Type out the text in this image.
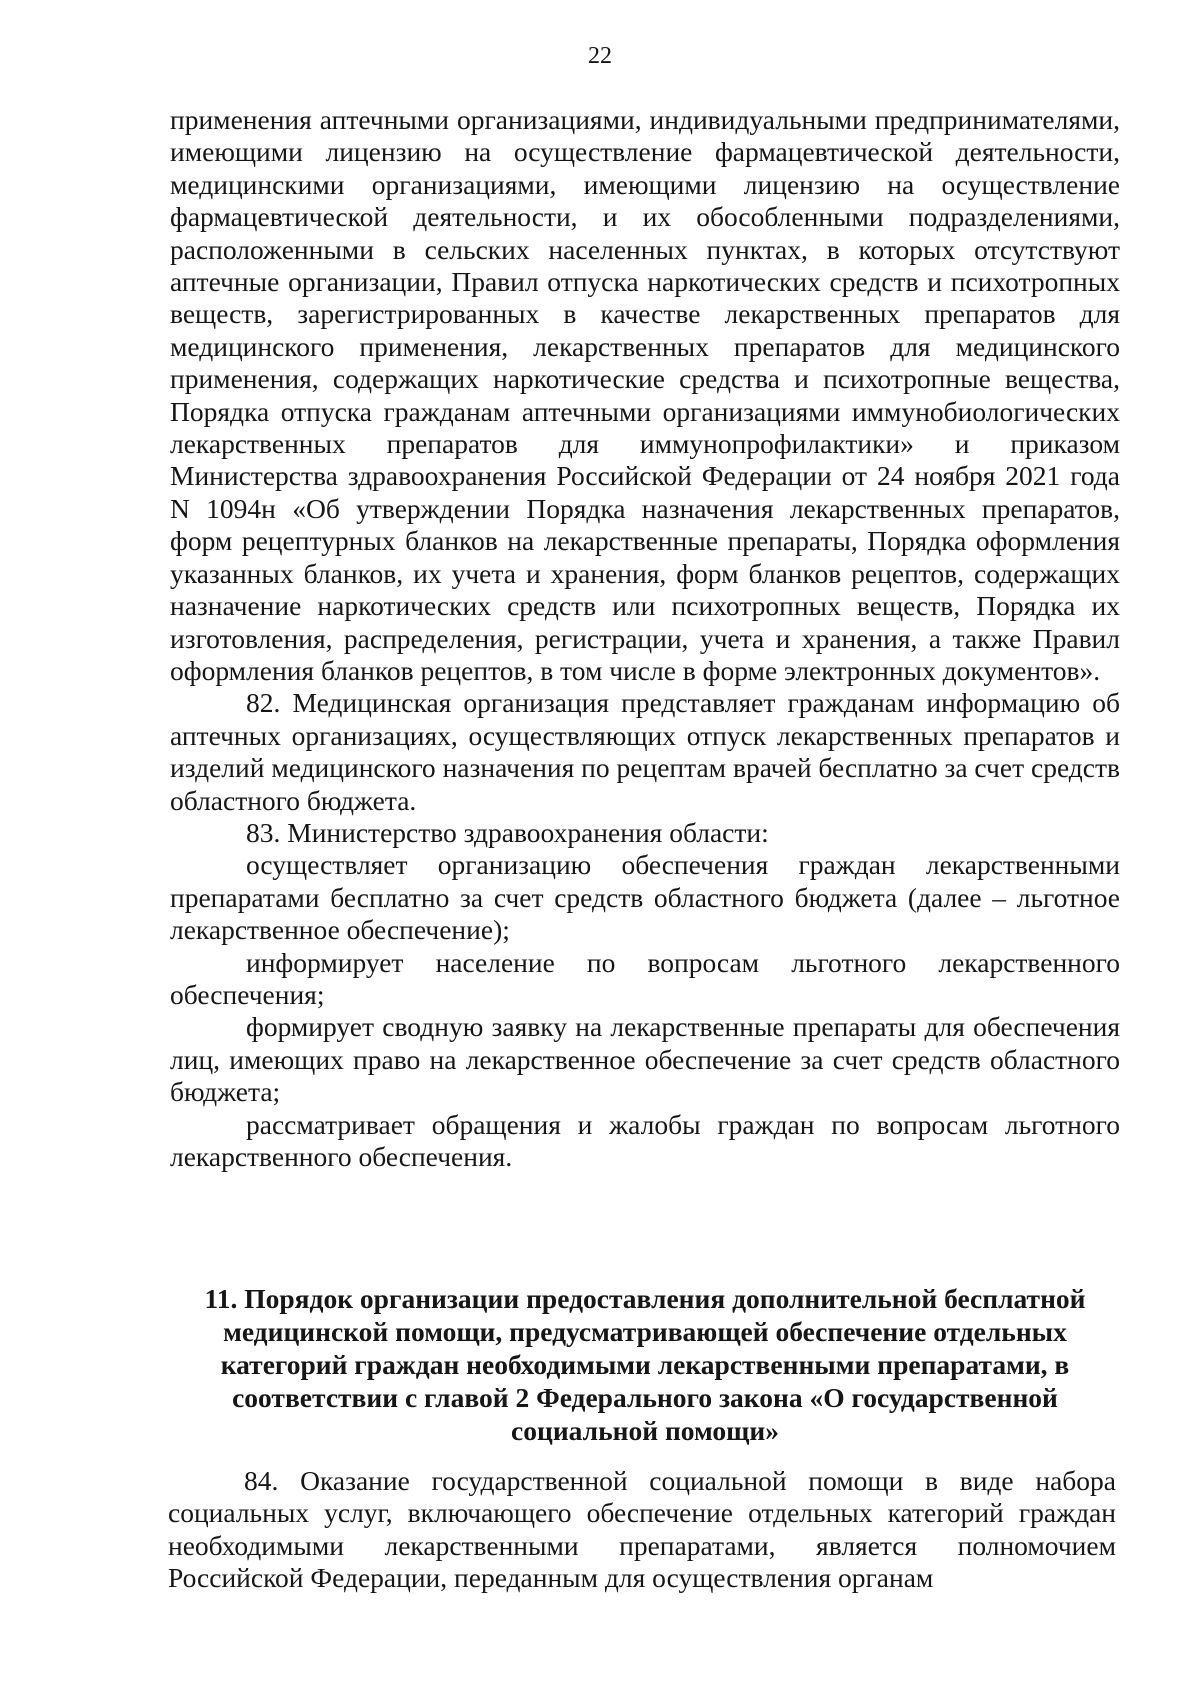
22

применения аптечными организациями, индивидуальными предпринимателями, имеющими лицензию на осуществление фармацевтической деятельности, медицинскими организациями, имеющими лицензию на осуществление фармацевтической деятельности, и их обособленными подразделениями, расположенными в сельских населенных пунктах, в которых отсутствуют аптечные организации, Правил отпуска наркотических средств и психотропных веществ, зарегистрированных в качестве лекарственных препаратов для медицинского применения, лекарственных препаратов для медицинского применения, содержащих наркотические средства и психотропные вещества, Порядка отпуска гражданам аптечными организациями иммунобиологических лекарственных препаратов для иммунопрофилактики» и приказом Министерства здравоохранения Российской Федерации от 24 ноября 2021 года N 1094н «Об утверждении Порядка назначения лекарственных препаратов, форм рецептурных бланков на лекарственные препараты, Порядка оформления указанных бланков, их учета и хранения, форм бланков рецептов, содержащих назначение наркотических средств или психотропных веществ, Порядка их изготовления, распределения, регистрации, учета и хранения, а также Правил оформления бланков рецептов, в том числе в форме электронных документов».

82. Медицинская организация представляет гражданам информацию об аптечных организациях, осуществляющих отпуск лекарственных препаратов и изделий медицинского назначения по рецептам врачей бесплатно за счет средств областного бюджета.

83. Министерство здравоохранения области:

осуществляет организацию обеспечения граждан лекарственными препаратами бесплатно за счет средств областного бюджета (далее – льготное лекарственное обеспечение);

информирует население по вопросам льготного лекарственного обеспечения;

формирует сводную заявку на лекарственные препараты для обеспечения лиц, имеющих право на лекарственное обеспечение за счет средств областного бюджета;

рассматривает обращения и жалобы граждан по вопросам льготного лекарственного обеспечения.

11. Порядок организации предоставления дополнительной бесплатной

медицинской помощи, предусматривающей обеспечение отдельных

категорий граждан необходимыми лекарственными препаратами, в

соответствии с главой 2 Федерального закона «О государственной

социальной помощи»

84. Оказание государственной социальной помощи в виде набора социальных услуг, включающего обеспечение отдельных категорий граждан необходимыми лекарственными препаратами, является полномочием Российской Федерации, переданным для осуществления органам
